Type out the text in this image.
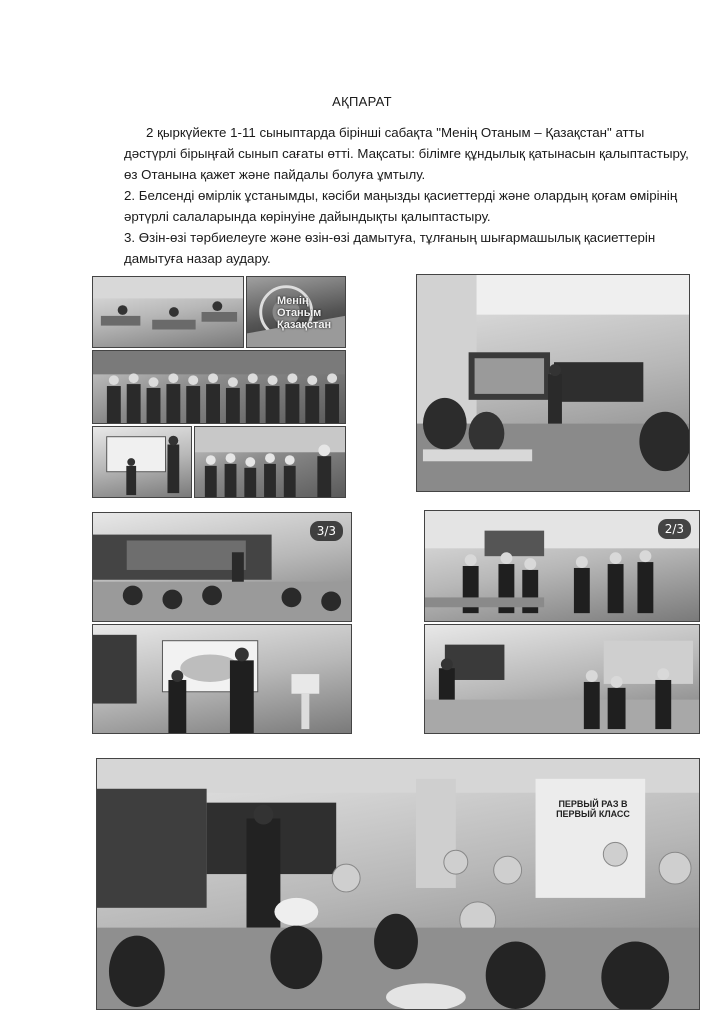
АҚПАРАТ

2 қыркүйекте 1-11 сыныптарда бірінші сабақта "Менің Отаным – Қазақстан" атты дәстүрлі бірыңғай сынып сағаты өтті. Мақсаты: білімге құндылық қатынасын қалыптастыру, өз Отанына қажет және пайдалы болуға ұмтылу.

2. Белсенді өмірлік ұстанымды, кәсіби маңызды қасиеттерді және олардың қоғам өмірінің әртүрлі салаларында көрінуіне дайындықты қалыптастыру.

3. Өзін-өзі тәрбиелеуге және өзін-өзі дамытуға, тұлғаның шығармашылық қасиеттерін дамытуға назар аудару.

Менің Отаным Қазақстан
3/3	2/3
ПЕРВЫЙ РАЗ В ПЕРВЫЙ КЛАСС
